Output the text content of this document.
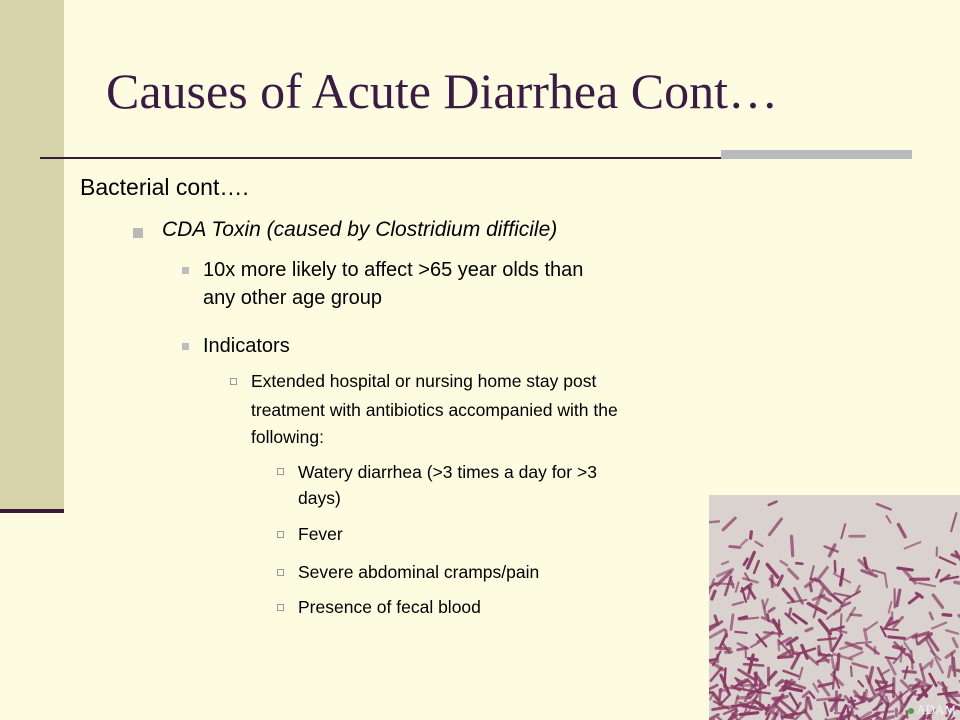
Causes of Acute Diarrhea Cont…

Bacterial cont….

CDA Toxin (caused by Clostridium difficile)

10x more likely to affect >65 year olds than

any other age group

Indicators

Extended hospital or nursing home stay post

treatment with antibiotics accompanied with the

following:

Watery diarrhea (>3 times a day for >3

days)

Fever

Severe abdominal cramps/pain

Presence of fecal blood

ADAM
